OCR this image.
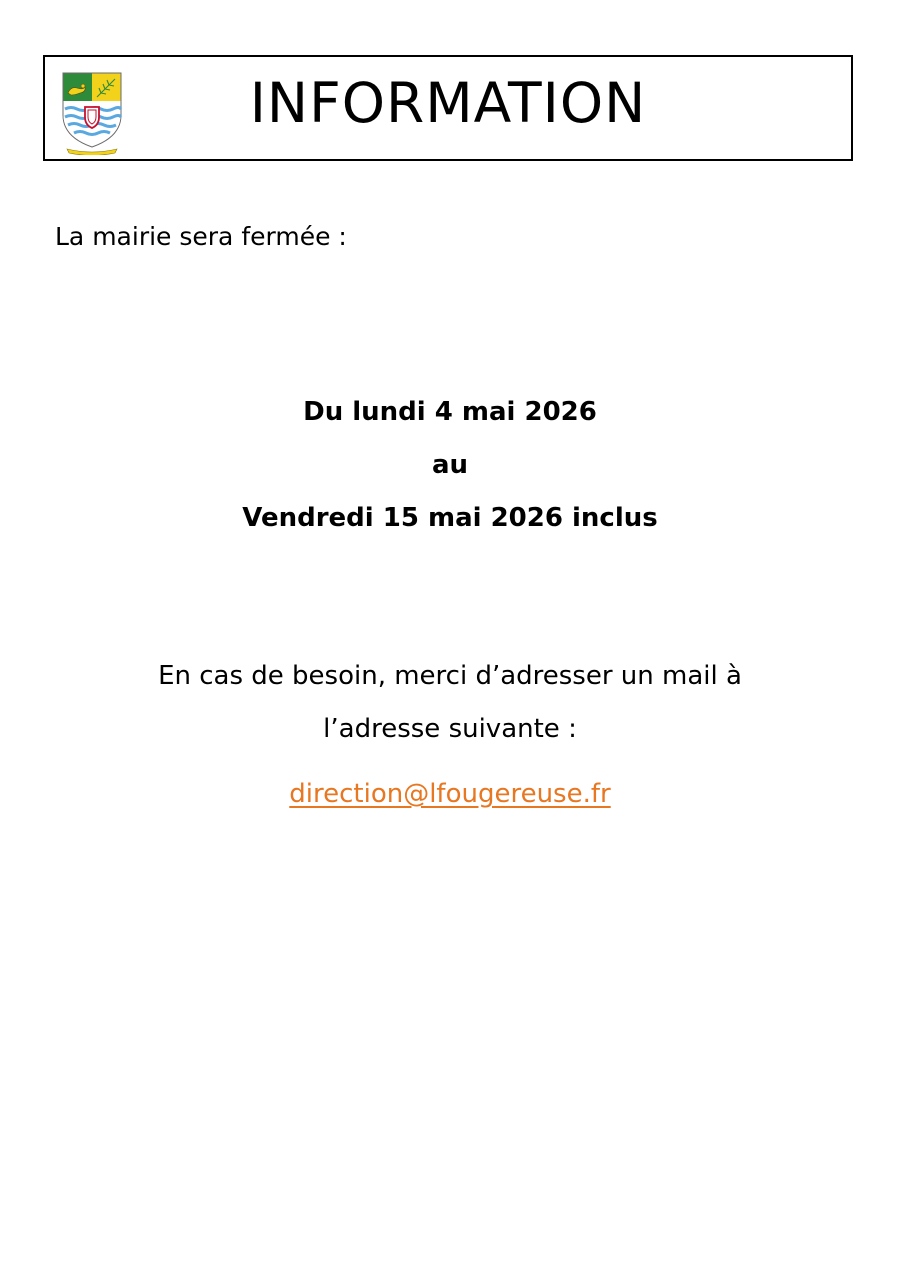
INFORMATION
La mairie sera fermée :
Du lundi 4 mai 2026
au
Vendredi 15 mai 2026 inclus
En cas de besoin, merci d’adresser un mail à
l’adresse suivante :
direction@lfougereuse.fr
